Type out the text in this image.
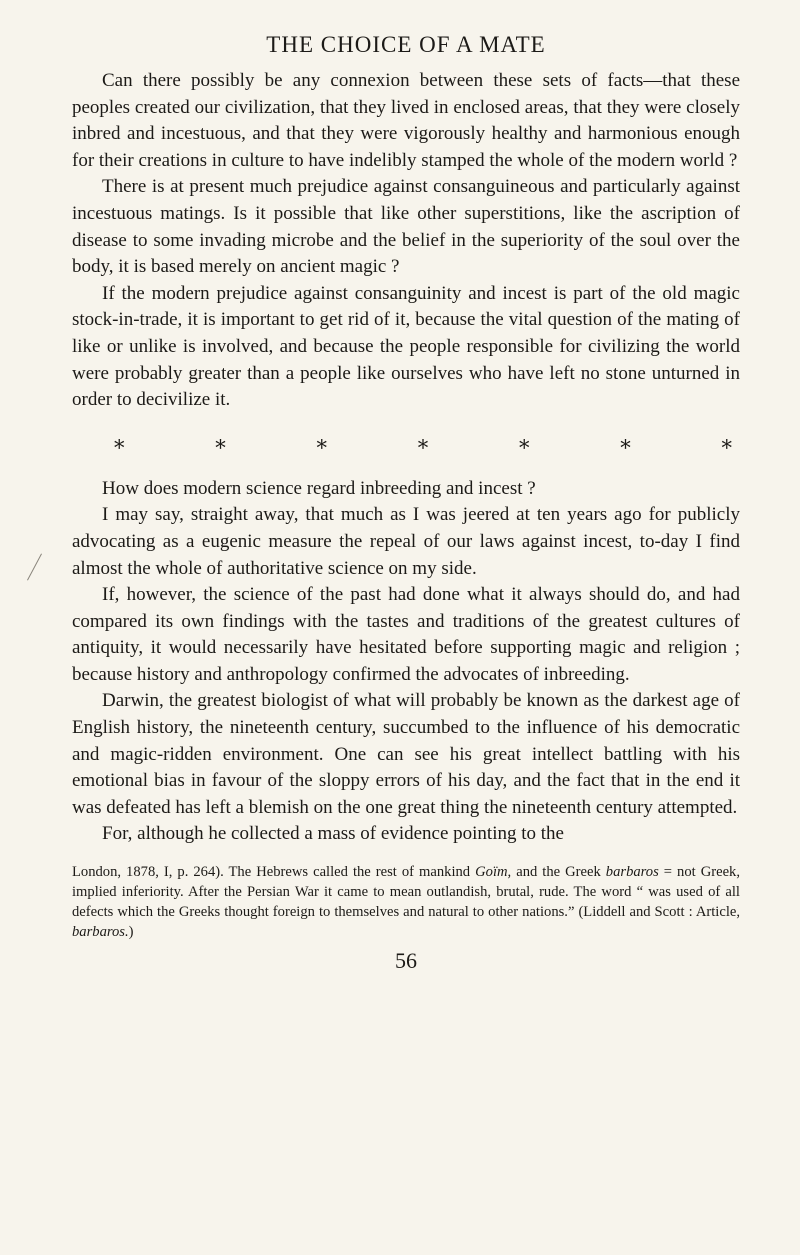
THE CHOICE OF A MATE

Can there possibly be any connexion between these sets of facts—that these peoples created our civilization, that they lived in enclosed areas, that they were closely inbred and incestuous, and that they were vigorously healthy and harmonious enough for their creations in culture to have indelibly stamped the whole of the modern world ?

There is at present much prejudice against consanguineous and particularly against incestuous matings. Is it possible that like other superstitions, like the ascription of disease to some invading microbe and the belief in the superiority of the soul over the body, it is based merely on ancient magic ?

If the modern prejudice against consanguinity and incest is part of the old magic stock-in-trade, it is important to get rid of it, because the vital question of the mating of like or unlike is involved, and because the people responsible for civilizing the world were probably greater than a people like ourselves who have left no stone unturned in order to decivilize it.

*	*	*	*	*	*	*

How does modern science regard inbreeding and incest ?

I may say, straight away, that much as I was jeered at ten years ago for publicly advocating as a eugenic measure the repeal of our laws against incest, to-day I find almost the whole of authoritative science on my side.

If, however, the science of the past had done what it always should do, and had compared its own findings with the tastes and traditions of the greatest cultures of antiquity, it would necessarily have hesitated before supporting magic and religion ; because history and anthropology confirmed the advocates of inbreeding.

Darwin, the greatest biologist of what will probably be known as the darkest age of English history, the nineteenth century, succumbed to the influence of his democratic and magic-ridden environment. One can see his great intellect battling with his emotional bias in favour of the sloppy errors of his day, and the fact that in the end it was defeated has left a blemish on the one great thing the nineteenth century attempted.

For, although he collected a mass of evidence pointing to the

London, 1878, I, p. 264). The Hebrews called the rest of mankind Goïm, and the Greek barbaros = not Greek, implied inferiority. After the Persian War it came to mean outlandish, brutal, rude. The word “ was used of all defects which the Greeks thought foreign to themselves and natural to other nations.” (Liddell and Scott : Article, barbaros.)
56
